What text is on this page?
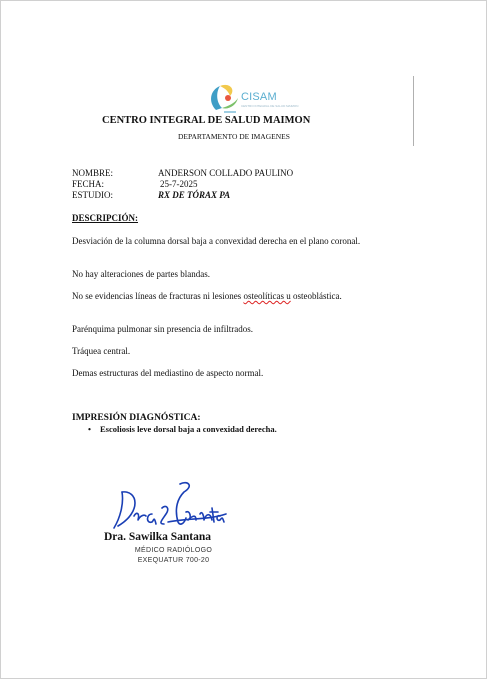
CISAM
CENTRO INTEGRAL DE SALUD MAIMON
CENTRO INTEGRAL DE SALUD MAIMON
DEPARTAMENTO DE IMAGENES
NOMBRE:	ANDERSON COLLADO PAULINO
FECHA:	25-7-2025
ESTUDIO:	RX DE TÓRAX PA
DESCRIPCIÓN:
Desviación de la columna dorsal baja a convexidad derecha en el plano coronal.
No hay alteraciones de partes blandas.
No se evidencias líneas de fracturas ni lesiones osteolíticas u osteoblástica.
Parénquima pulmonar sin presencia de infiltrados.
Tráquea central.
Demas estructuras del mediastino de aspecto normal.
IMPRESIÓN DIAGNÓSTICA:
• Escoliosis leve dorsal baja a convexidad derecha.
Dra. Sawilka Santana
MÉDICO RADIÓLOGO
EXEQUATUR 700-20
